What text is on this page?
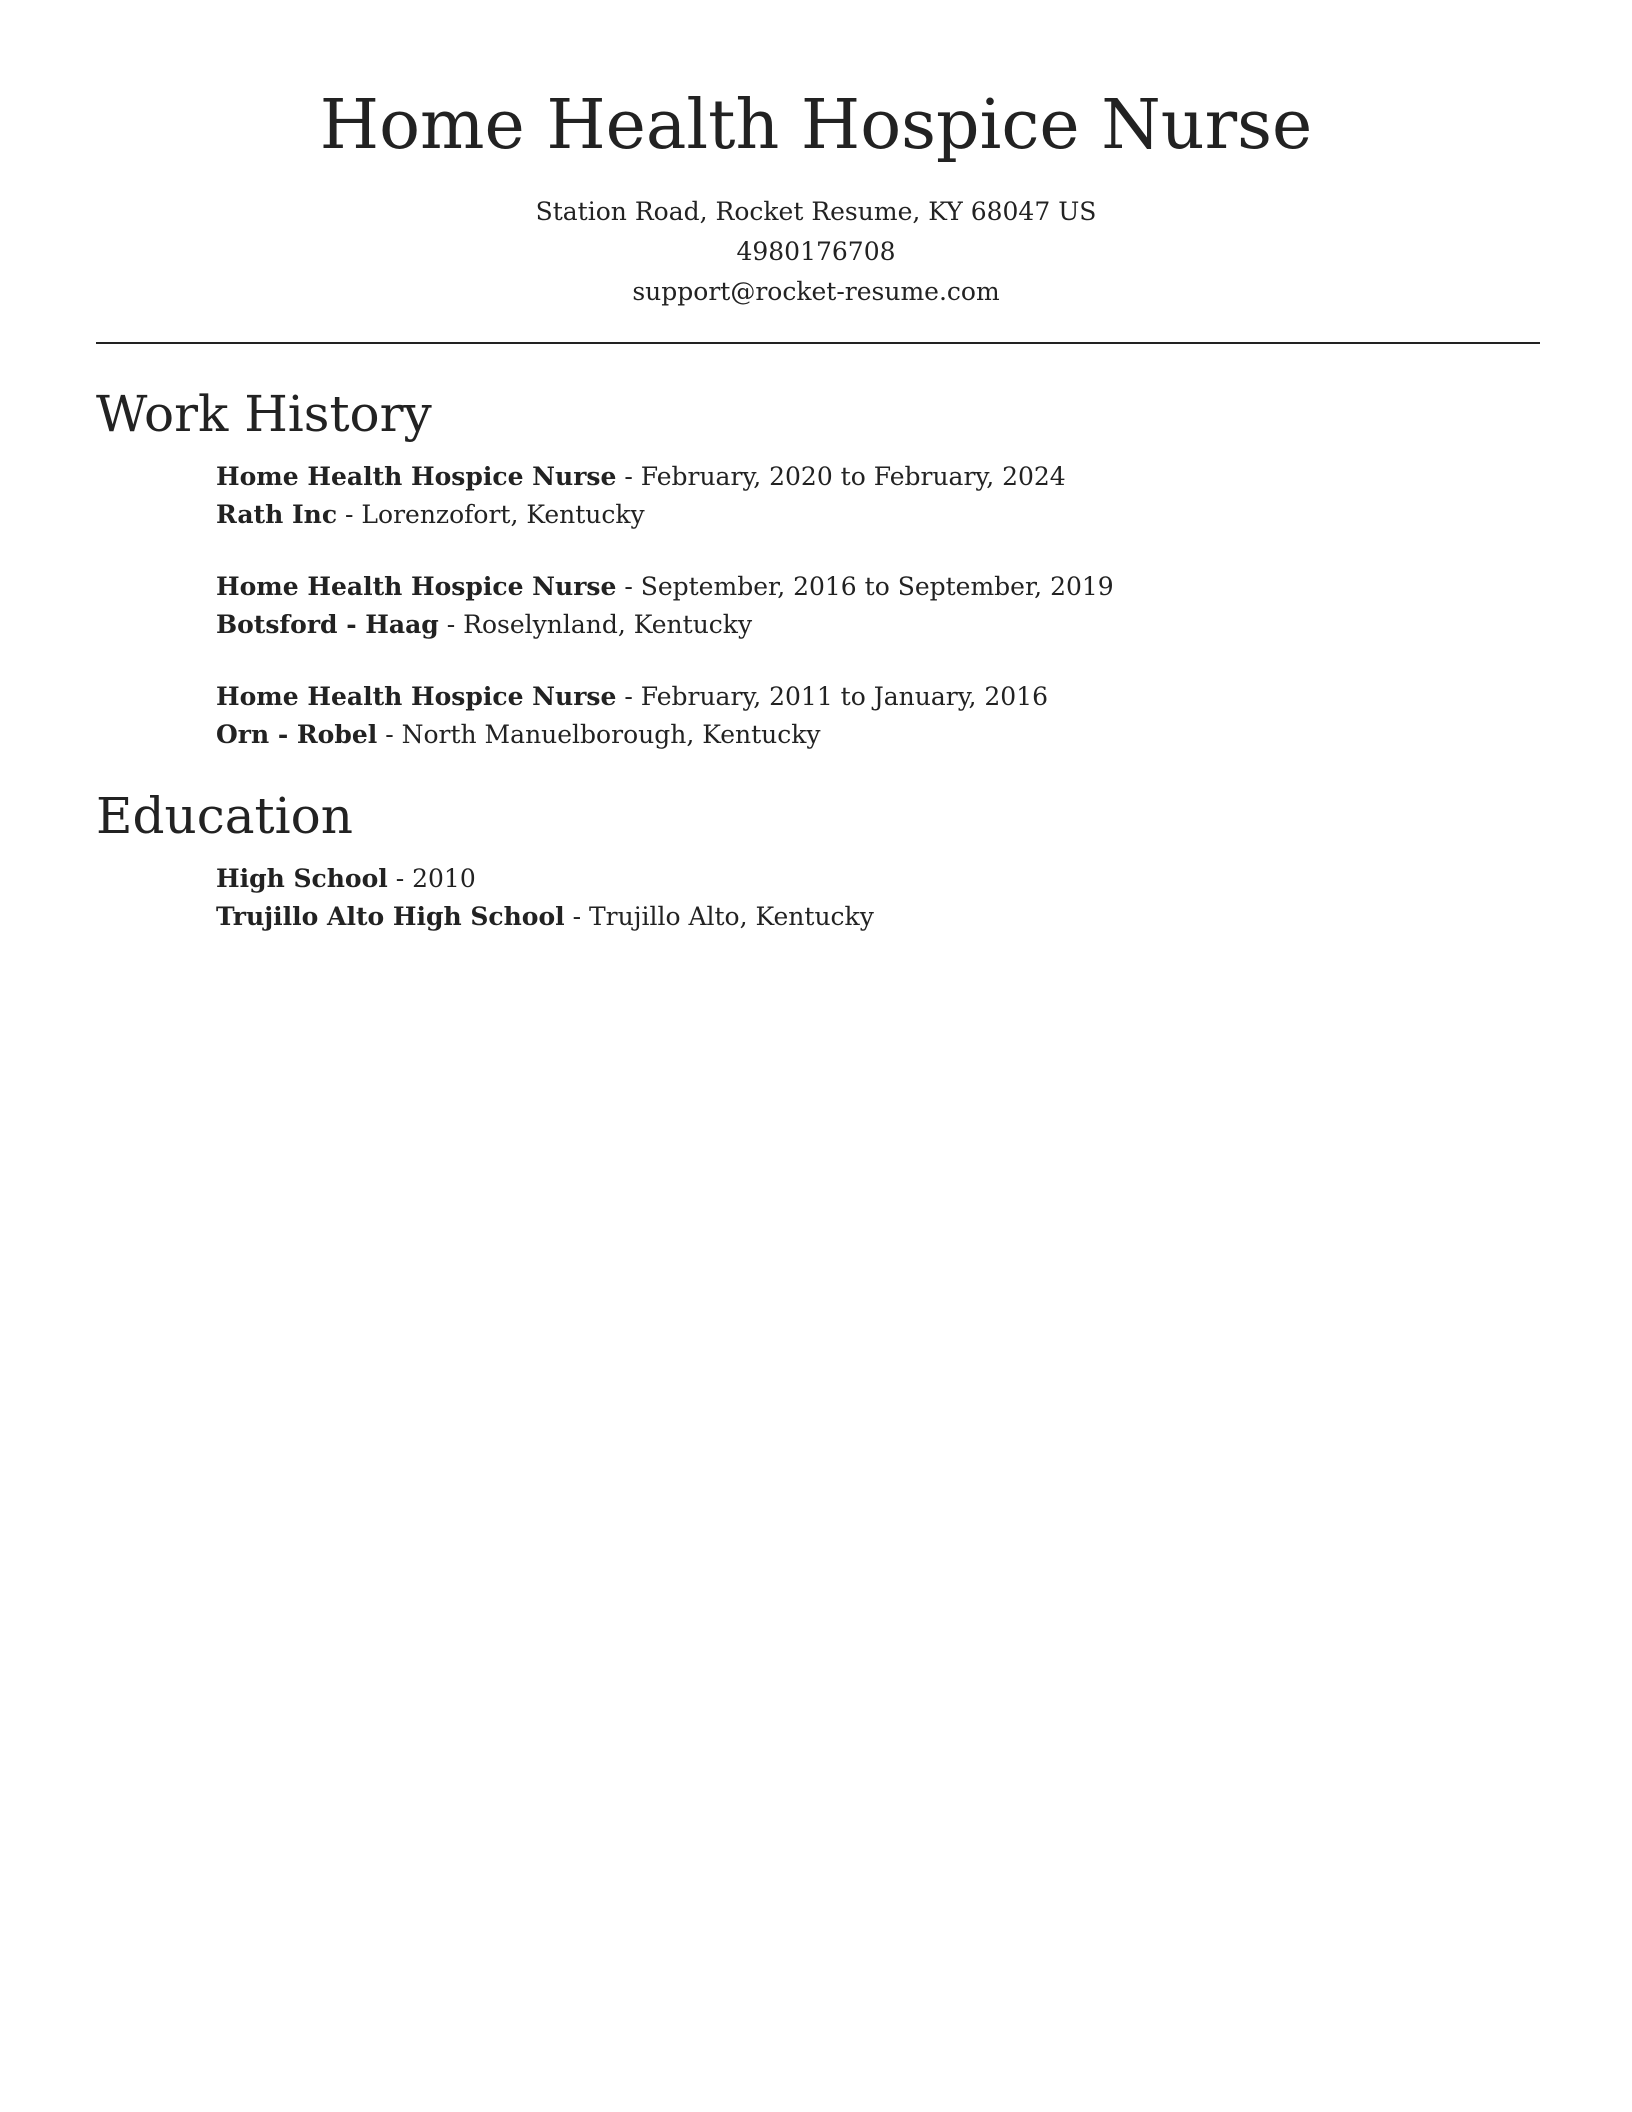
Home Health Hospice Nurse
Station Road, Rocket Resume, KY 68047 US
4980176708
support@rocket-resume.com
Work History
Home Health Hospice Nurse - February, 2020 to February, 2024
Rath Inc - Lorenzofort, Kentucky
Home Health Hospice Nurse - September, 2016 to September, 2019
Botsford - Haag - Roselynland, Kentucky
Home Health Hospice Nurse - February, 2011 to January, 2016
Orn - Robel - North Manuelborough, Kentucky
Education
High School - 2010
Trujillo Alto High School - Trujillo Alto, Kentucky
